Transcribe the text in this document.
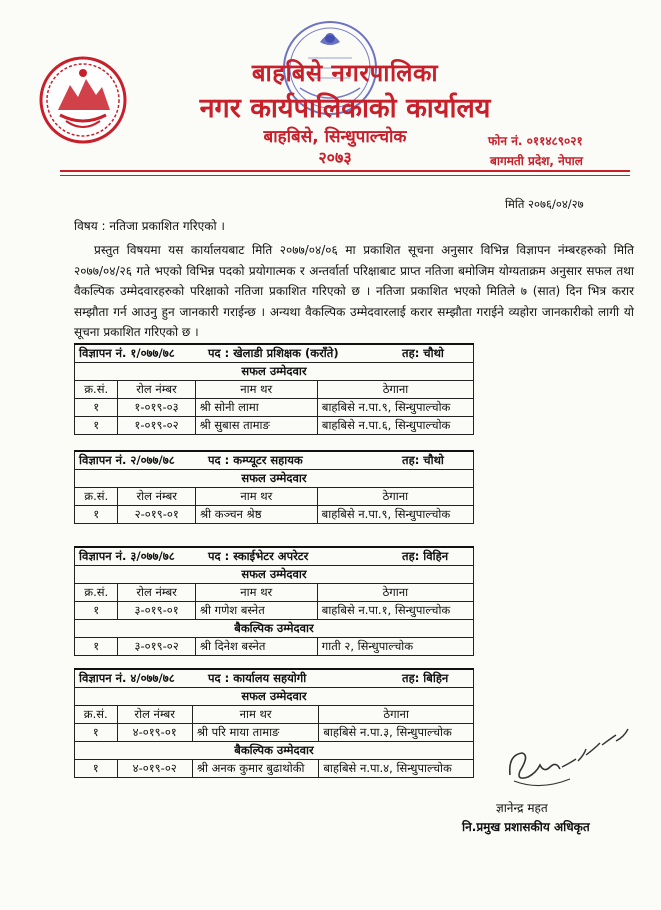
बाहबिसे नगरपालिका
नगर कार्यपालिकाको कार्यालय
बाहबिसे, सिन्धुपाल्चोक
२०७३
फोन नं. ०११४८९०२१
बागमती प्रदेश, नेपाल
मिति २०७६/०४/२७
विषय : नतिजा प्रकाशित गरिएको ।
प्रस्तुत विषयमा यस कार्यालयबाट मिति २०७७/०४/०६ मा प्रकाशित सूचना अनुसार विभिन्न विज्ञापन नंम्बरहरुको मिति २०७७/०४/२६ गते भएको विभिन्न पदको प्रयोगात्मक र अन्तर्वार्ता परिक्षाबाट प्राप्त नतिजा बमोजिम योग्यताक्रम अनुसार सफल तथा वैकल्पिक उम्मेदवारहरुको परिक्षाको नतिजा प्रकाशित गरिएको छ । नतिजा प्रकाशित भएको मितिले ७ (सात) दिन भित्र करार सम्झौता गर्न आउनु हुन जानकारी गराईन्छ । अन्यथा वैकल्पिक उम्मेदवारलाई करार सम्झौता गराईने व्यहोरा जानकारीको लागी यो सूचना प्रकाशित गरिएको छ ।
विज्ञापन नं. १/०७७/७८ पद : खेलाडी प्रशिक्षक (कराँते) तह: चौथो			
सफल उम्मेदवार			
क्र.सं.	रोल नंम्बर	नाम थर	ठेगाना
१	१-०१९-०३	श्री सोनी लामा	बाहबिसे न.पा.९, सिन्धुपाल्चोक
१	१-०१९-०२	श्री सुबास तामाङ	बाहबिसे न.पा.६, सिन्धुपाल्चोक
विज्ञापन नं. २/०७७/७८ पद : कम्प्यूटर सहायक तह: चौथो			
सफल उम्मेदवार			
क्र.सं.	रोल नंम्बर	नाम थर	ठेगाना
१	२-०१९-०१	श्री कञ्चन श्रेष्ठ	बाहबिसे न.पा.९, सिन्धुपाल्चोक
विज्ञापन नं. ३/०७७/७८ पद : स्काईभेटर अपरेटर तह: विहिन			
सफल उम्मेदवार			
क्र.सं.	रोल नंम्बर	नाम थर	ठेगाना
१	३-०१९-०१	श्री गणेश बस्नेत	बाहबिसे न.पा.१, सिन्धुपाल्चोक
बैकल्पिक उम्मेदवार			
१	३-०१९-०२	श्री दिनेश बस्नेत	गाती २, सिन्धुपाल्चोक
विज्ञापन नं. ४/०७७/७८ पद : कार्यालय सहयोगी तह: बिहिन			
सफल उम्मेदवार			
क्र.सं.	रोल नंम्बर	नाम थर	ठेगाना
१	४-०१९-०१	श्री परि माया तामाङ	बाहबिसे न.पा.३, सिन्धुपाल्चोक
बैकल्पिक उम्मेदवार			
१	४-०१९-०२	श्री अनक कुमार बुढाथोकी	बाहबिसे न.पा.४, सिन्धुपाल्चोक
ज्ञानेन्द्र महत
नि.प्रमुख प्रशासकीय अधिकृत
